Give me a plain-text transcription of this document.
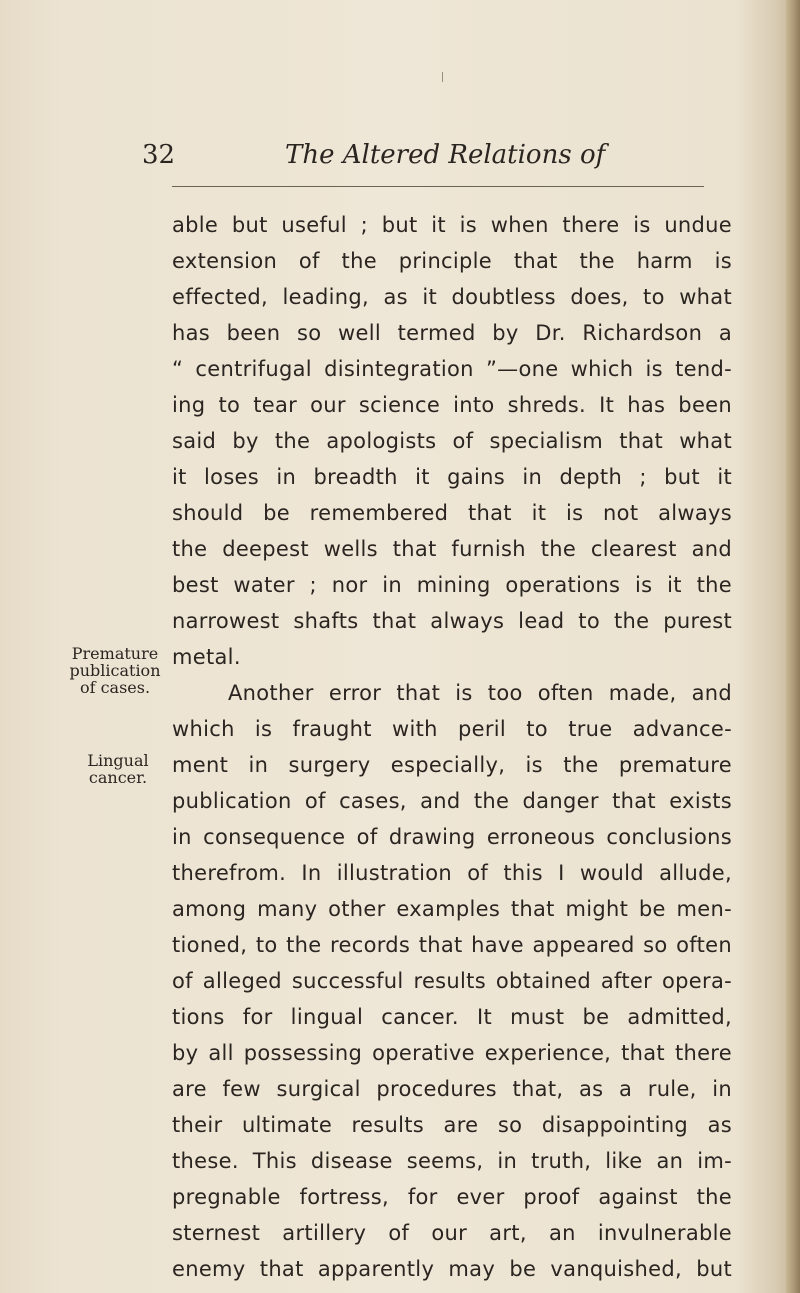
32	The Altered Relations of
Premature
publication
of cases.
Lingual
cancer.
able but useful ; but it is when there is undue
extension of the principle that the harm is
effected, leading, as it doubtless does, to what
has been so well termed by Dr. Richardson a
“ centrifugal disintegration ”—one which is tend-
ing to tear our science into shreds. It has been
said by the apologists of specialism that what
it loses in breadth it gains in depth ; but it
should be remembered that it is not always
the deepest wells that furnish the clearest and
best water ; nor in mining operations is it the
narrowest shafts that always lead to the purest
metal.
Another error that is too often made, and
which is fraught with peril to true advance-
ment in surgery especially, is the premature
publication of cases, and the danger that exists
in consequence of drawing erroneous conclusions
therefrom. In illustration of this I would allude,
among many other examples that might be men-
tioned, to the records that have appeared so often
of alleged successful results obtained after opera-
tions for lingual cancer. It must be admitted,
by all possessing operative experience, that there
are few surgical procedures that, as a rule, in
their ultimate results are so disappointing as
these. This disease seems, in truth, like an im-
pregnable fortress, for ever proof against the
sternest artillery of our art, an invulnerable
enemy that apparently may be vanquished, but
